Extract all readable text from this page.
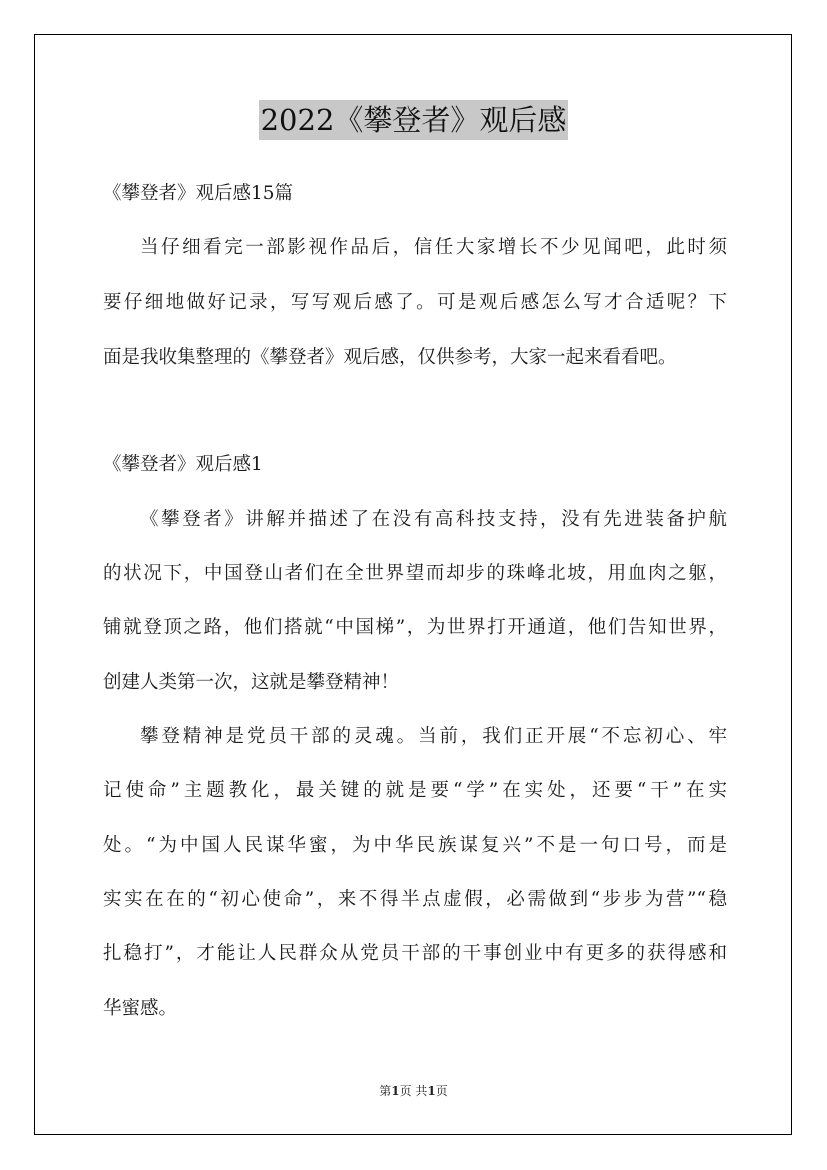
2022《攀登者》观后感
《攀登者》观后感15篇
当仔细看完一部影视作品后，信任大家增长不少见闻吧，此时须
要仔细地做好记录，写写观后感了。可是观后感怎么写才合适呢？下
面是我收集整理的《攀登者》观后感，仅供参考，大家一起来看看吧。
《攀登者》观后感1
《攀登者》讲解并描述了在没有高科技支持，没有先进装备护航
的状况下，中国登山者们在全世界望而却步的珠峰北坡，用血肉之躯，
铺就登顶之路，他们搭就“中国梯”，为世界打开通道，他们告知世界，
创建人类第一次，这就是攀登精神！
攀登精神是党员干部的灵魂。当前，我们正开展“不忘初心、牢
记使命”主题教化，最关键的就是要“学”在实处，还要“干”在实
处。“为中国人民谋华蜜，为中华民族谋复兴”不是一句口号，而是
实实在在的“初心使命”，来不得半点虚假，必需做到“步步为营”“稳
扎稳打”，才能让人民群众从党员干部的干事创业中有更多的获得感和
华蜜感。
第1页 共1页
